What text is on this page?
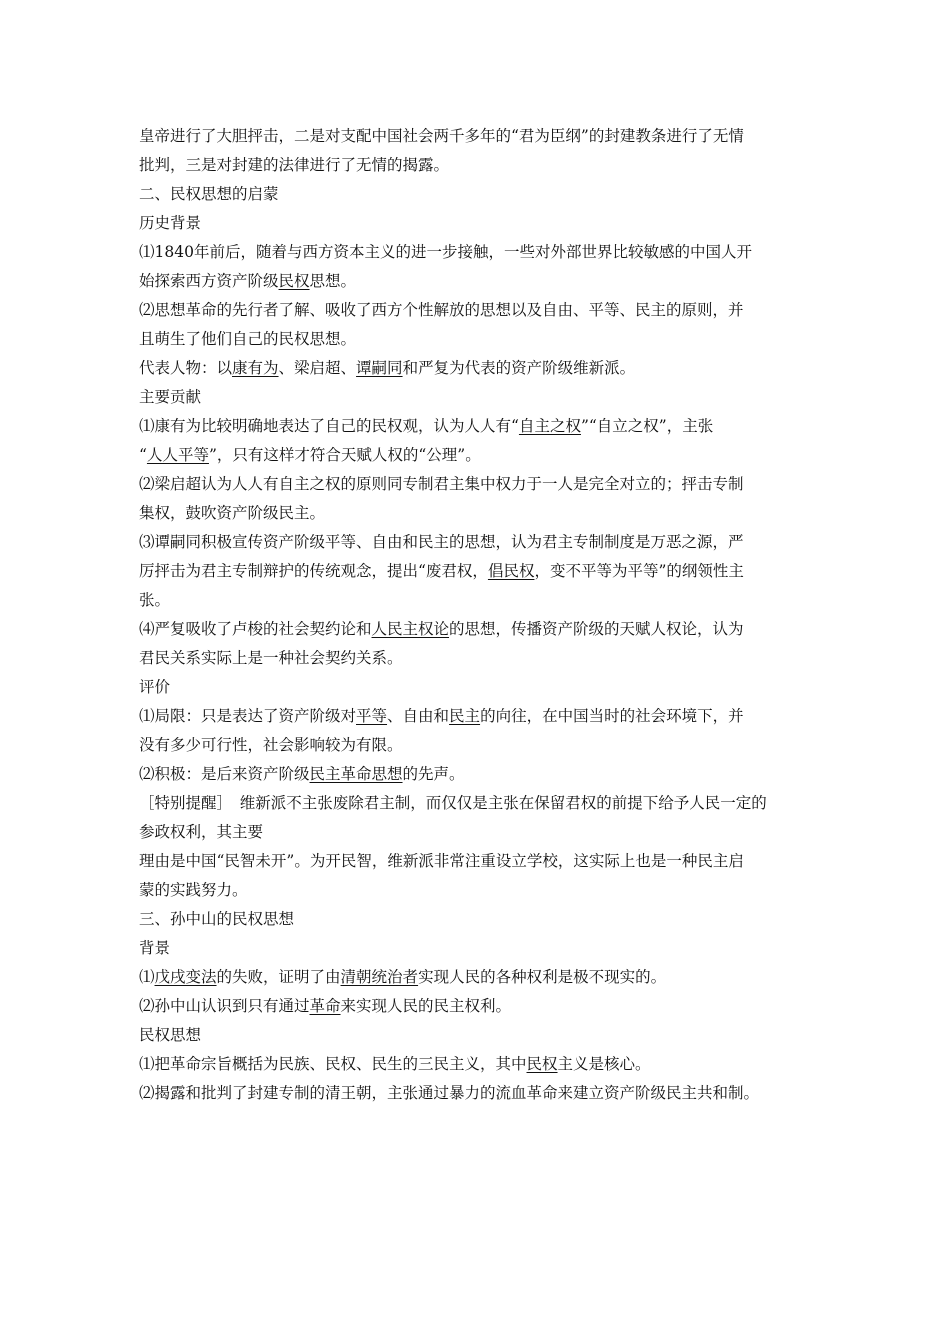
皇帝进行了大胆抨击，二是对支配中国社会两千多年的“君为臣纲”的封建教条进行了无情
批判，三是对封建的法律进行了无情的揭露。
二、民权思想的启蒙
历史背景
⑴1840年前后，随着与西方资本主义的进一步接触，一些对外部世界比较敏感的中国人开
始探索西方资产阶级民权思想。
⑵思想革命的先行者了解、吸收了西方个性解放的思想以及自由、平等、民主的原则，并
且萌生了他们自己的民权思想。
代表人物：以康有为、梁启超、谭嗣同和严复为代表的资产阶级维新派。
主要贡献
⑴康有为比较明确地表达了自己的民权观，认为人人有“自主之权”“自立之权”，主张
“人人平等”，只有这样才符合天赋人权的“公理”。
⑵梁启超认为人人有自主之权的原则同专制君主集中权力于一人是完全对立的；抨击专制
集权，鼓吹资产阶级民主。
⑶谭嗣同积极宣传资产阶级平等、自由和民主的思想，认为君主专制制度是万恶之源，严
厉抨击为君主专制辩护的传统观念，提出“废君权，倡民权，变不平等为平等”的纲领性主
张。
⑷严复吸收了卢梭的社会契约论和人民主权论的思想，传播资产阶级的天赋人权论，认为
君民关系实际上是一种社会契约关系。
评价
⑴局限：只是表达了资产阶级对平等、自由和民主的向往，在中国当时的社会环境下，并
没有多少可行性，社会影响较为有限。
⑵积极：是后来资产阶级民主革命思想的先声。
［特别提醒］　维新派不主张废除君主制，而仅仅是主张在保留君权的前提下给予人民一定的
参政权利，其主要
理由是中国“民智未开”。为开民智，维新派非常注重设立学校，这实际上也是一种民主启
蒙的实践努力。
三、孙中山的民权思想
背景
⑴戊戌变法的失败，证明了由清朝统治者实现人民的各种权利是极不现实的。
⑵孙中山认识到只有通过革命来实现人民的民主权利。
民权思想
⑴把革命宗旨概括为民族、民权、民生的三民主义，其中民权主义是核心。
⑵揭露和批判了封建专制的清王朝，主张通过暴力的流血革命来建立资产阶级民主共和制。
